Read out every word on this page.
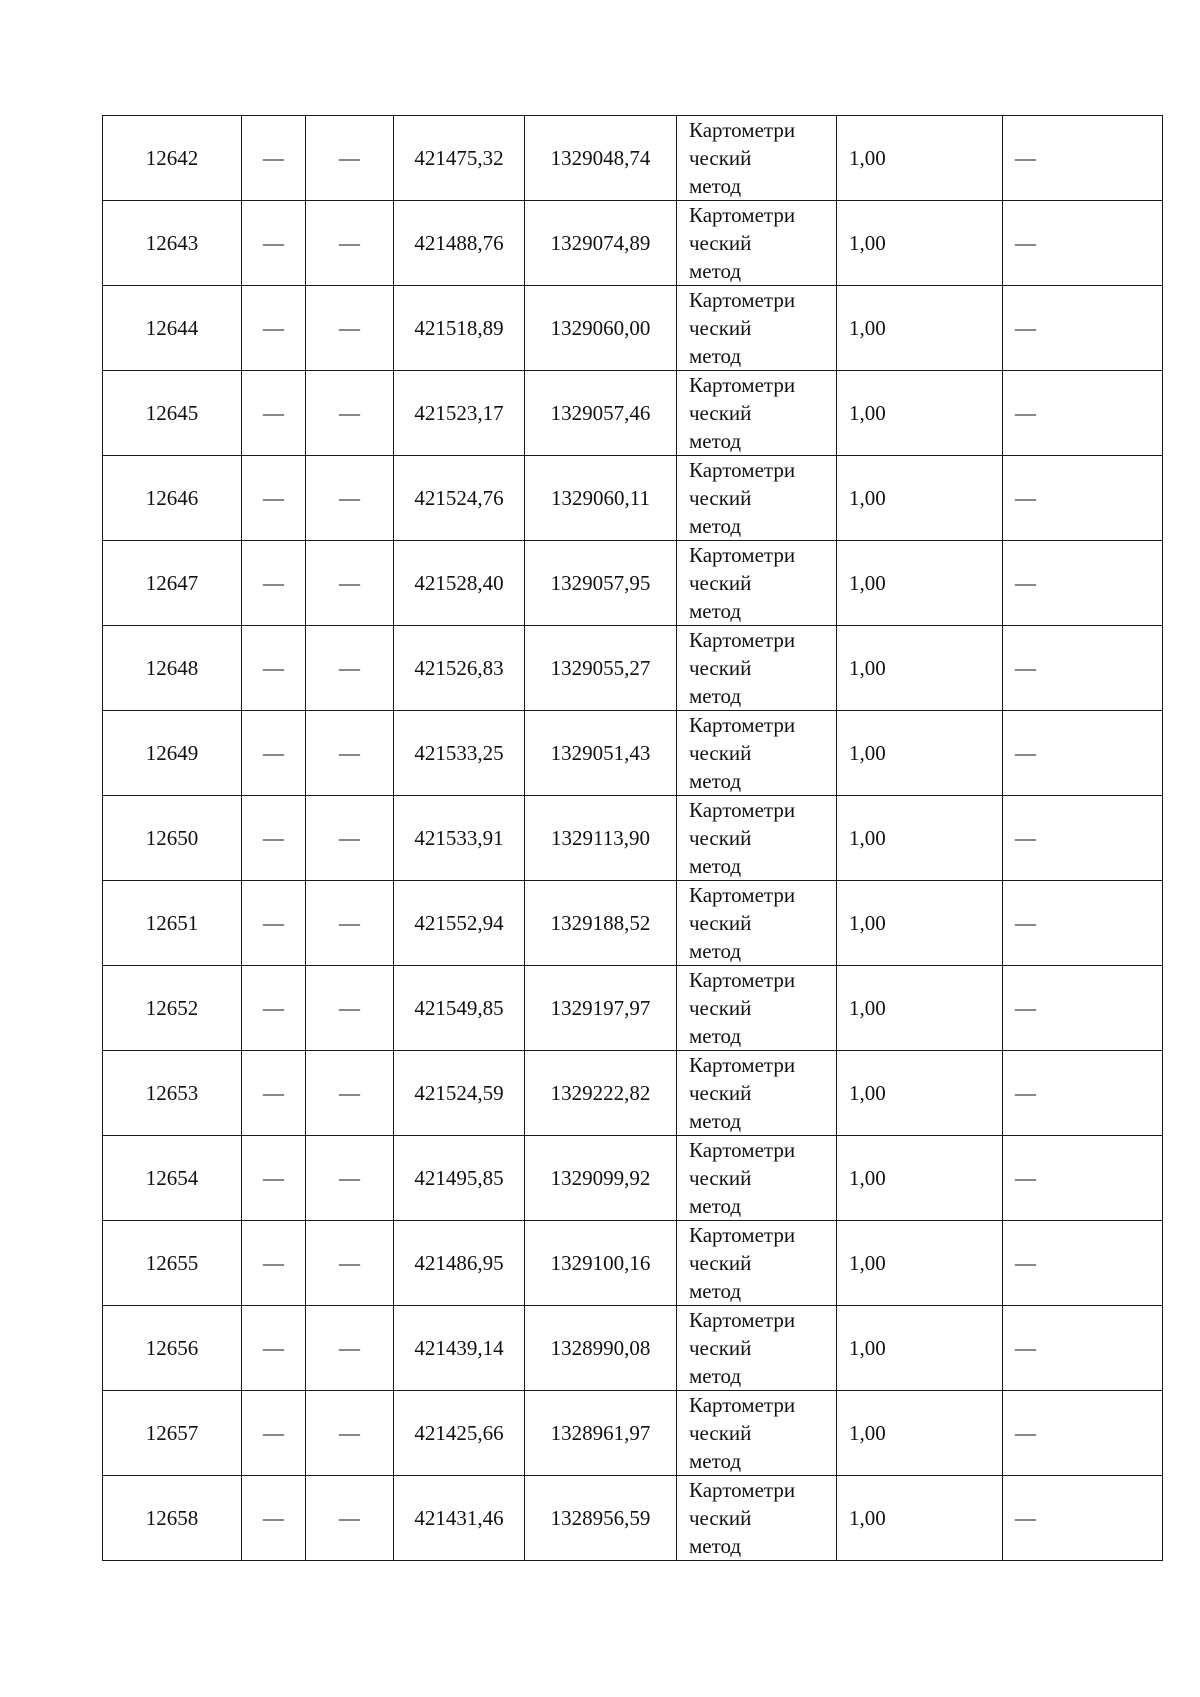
12642	—	—	421475,32	1329048,74	Картометри
ческий
метод	1,00	—
12643	—	—	421488,76	1329074,89	Картометри
ческий
метод	1,00	—
12644	—	—	421518,89	1329060,00	Картометри
ческий
метод	1,00	—
12645	—	—	421523,17	1329057,46	Картометри
ческий
метод	1,00	—
12646	—	—	421524,76	1329060,11	Картометри
ческий
метод	1,00	—
12647	—	—	421528,40	1329057,95	Картометри
ческий
метод	1,00	—
12648	—	—	421526,83	1329055,27	Картометри
ческий
метод	1,00	—
12649	—	—	421533,25	1329051,43	Картометри
ческий
метод	1,00	—
12650	—	—	421533,91	1329113,90	Картометри
ческий
метод	1,00	—
12651	—	—	421552,94	1329188,52	Картометри
ческий
метод	1,00	—
12652	—	—	421549,85	1329197,97	Картометри
ческий
метод	1,00	—
12653	—	—	421524,59	1329222,82	Картометри
ческий
метод	1,00	—
12654	—	—	421495,85	1329099,92	Картометри
ческий
метод	1,00	—
12655	—	—	421486,95	1329100,16	Картометри
ческий
метод	1,00	—
12656	—	—	421439,14	1328990,08	Картометри
ческий
метод	1,00	—
12657	—	—	421425,66	1328961,97	Картометри
ческий
метод	1,00	—
12658	—	—	421431,46	1328956,59	Картометри
ческий
метод	1,00	—
